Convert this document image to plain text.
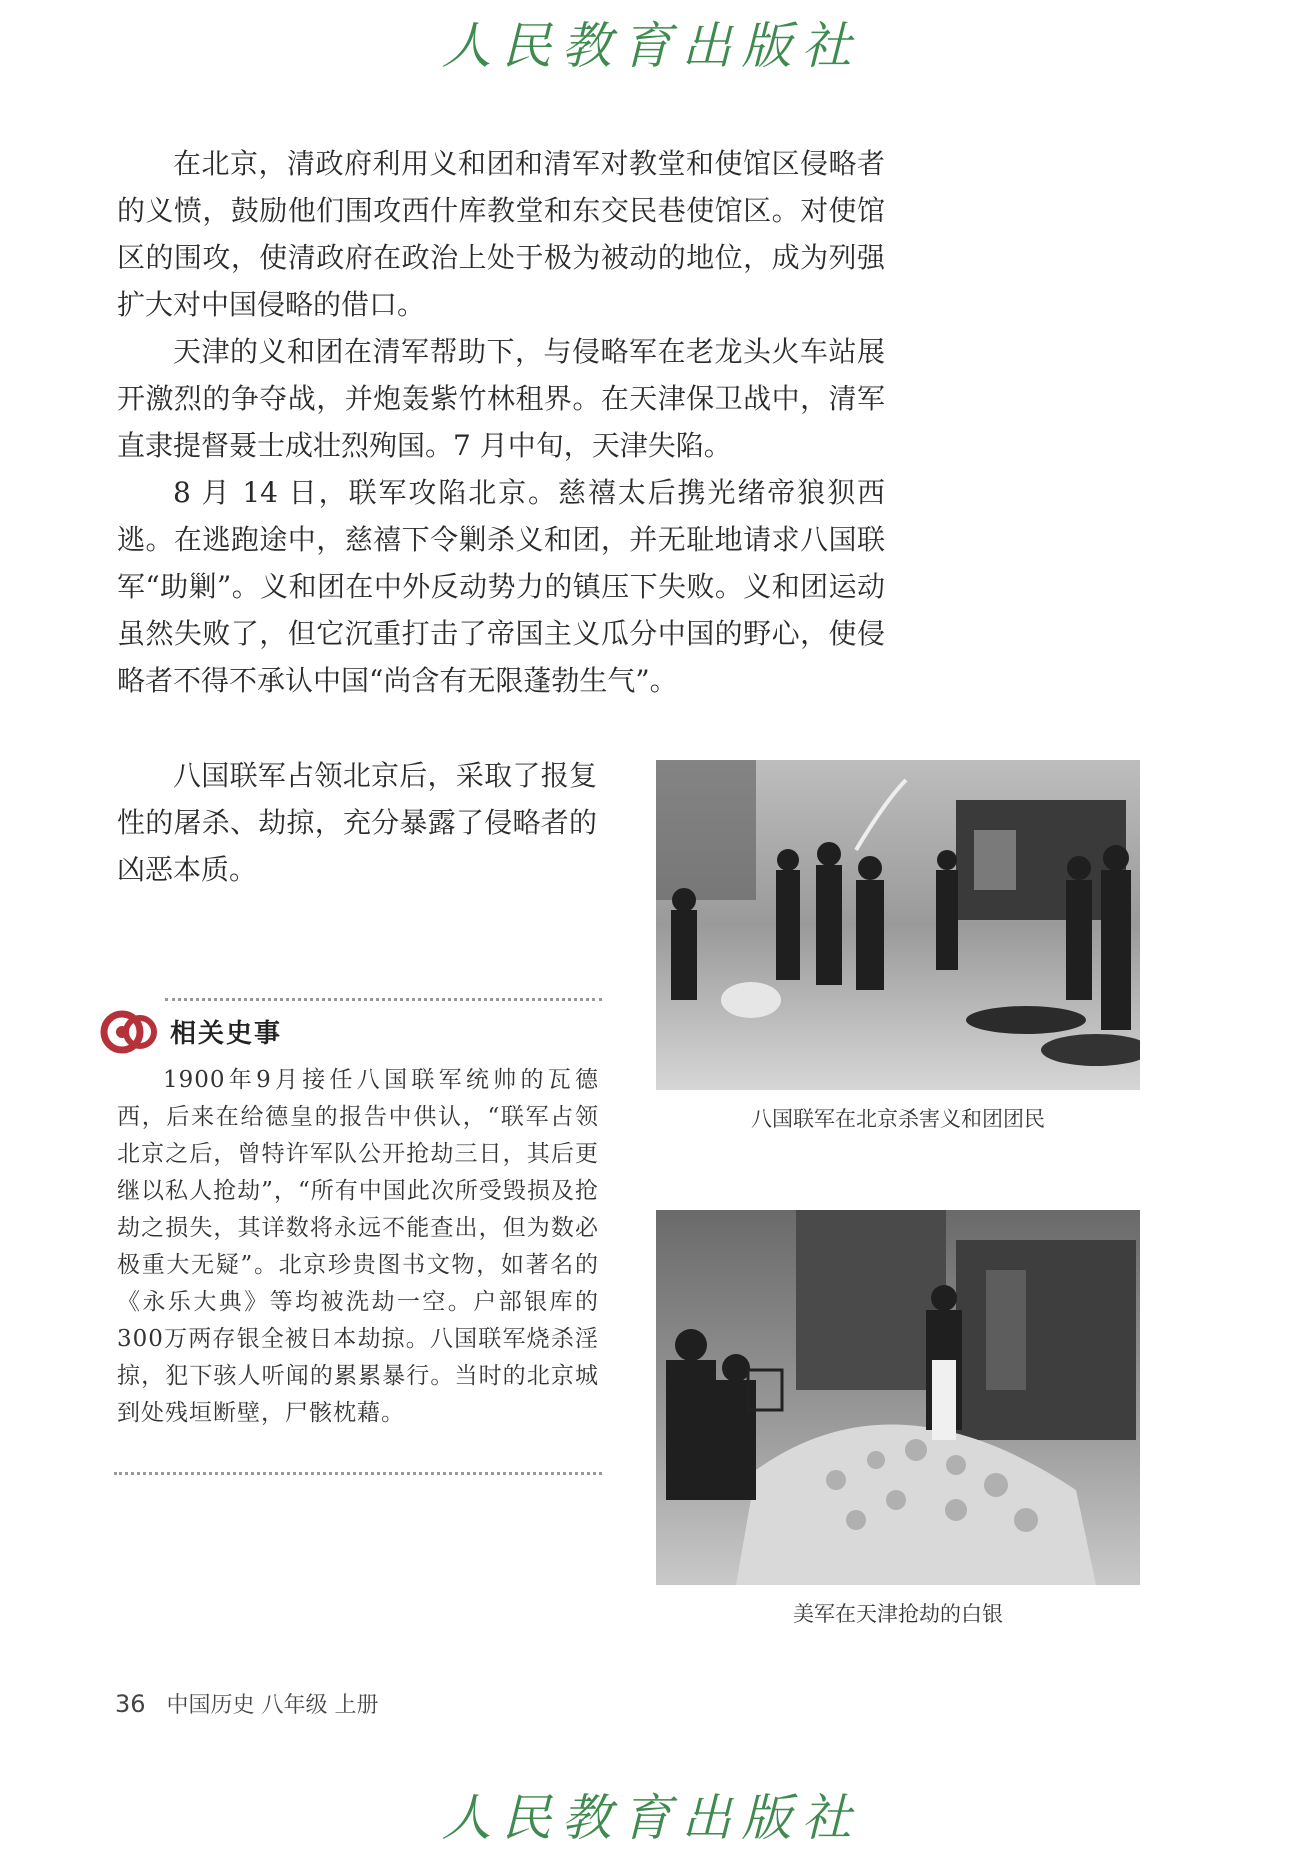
人民教育出版社

在北京，清政府利用义和团和清军对教堂和使馆区侵略者的义愤，鼓励他们围攻西什库教堂和东交民巷使馆区。对使馆区的围攻，使清政府在政治上处于极为被动的地位，成为列强扩大对中国侵略的借口。

天津的义和团在清军帮助下，与侵略军在老龙头火车站展开激烈的争夺战，并炮轰紫竹林租界。在天津保卫战中，清军直隶提督聂士成壮烈殉国。7 月中旬，天津失陷。

8 月 14 日，联军攻陷北京。慈禧太后携光绪帝狼狈西逃。在逃跑途中，慈禧下令剿杀义和团，并无耻地请求八国联军“助剿”。义和团在中外反动势力的镇压下失败。义和团运动虽然失败了，但它沉重打击了帝国主义瓜分中国的野心，使侵略者不得不承认中国“尚含有无限蓬勃生气”。

八国联军占领北京后，采取了报复性的屠杀、劫掠，充分暴露了侵略者的凶恶本质。

八国联军在北京杀害义和团团民
相关史事

1900年9月接任八国联军统帅的瓦德西，后来在给德皇的报告中供认，“联军占领北京之后，曾特许军队公开抢劫三日，其后更继以私人抢劫”，“所有中国此次所受毁损及抢劫之损失，其详数将永远不能查出，但为数必极重大无疑”。北京珍贵图书文物，如著名的《永乐大典》等均被洗劫一空。户部银库的300万两存银全被日本劫掠。八国联军烧杀淫掠，犯下骇人听闻的累累暴行。当时的北京城到处残垣断壁，尸骸枕藉。

美军在天津抢劫的白银
36 中国历史 八年级 上册
人民教育出版社
